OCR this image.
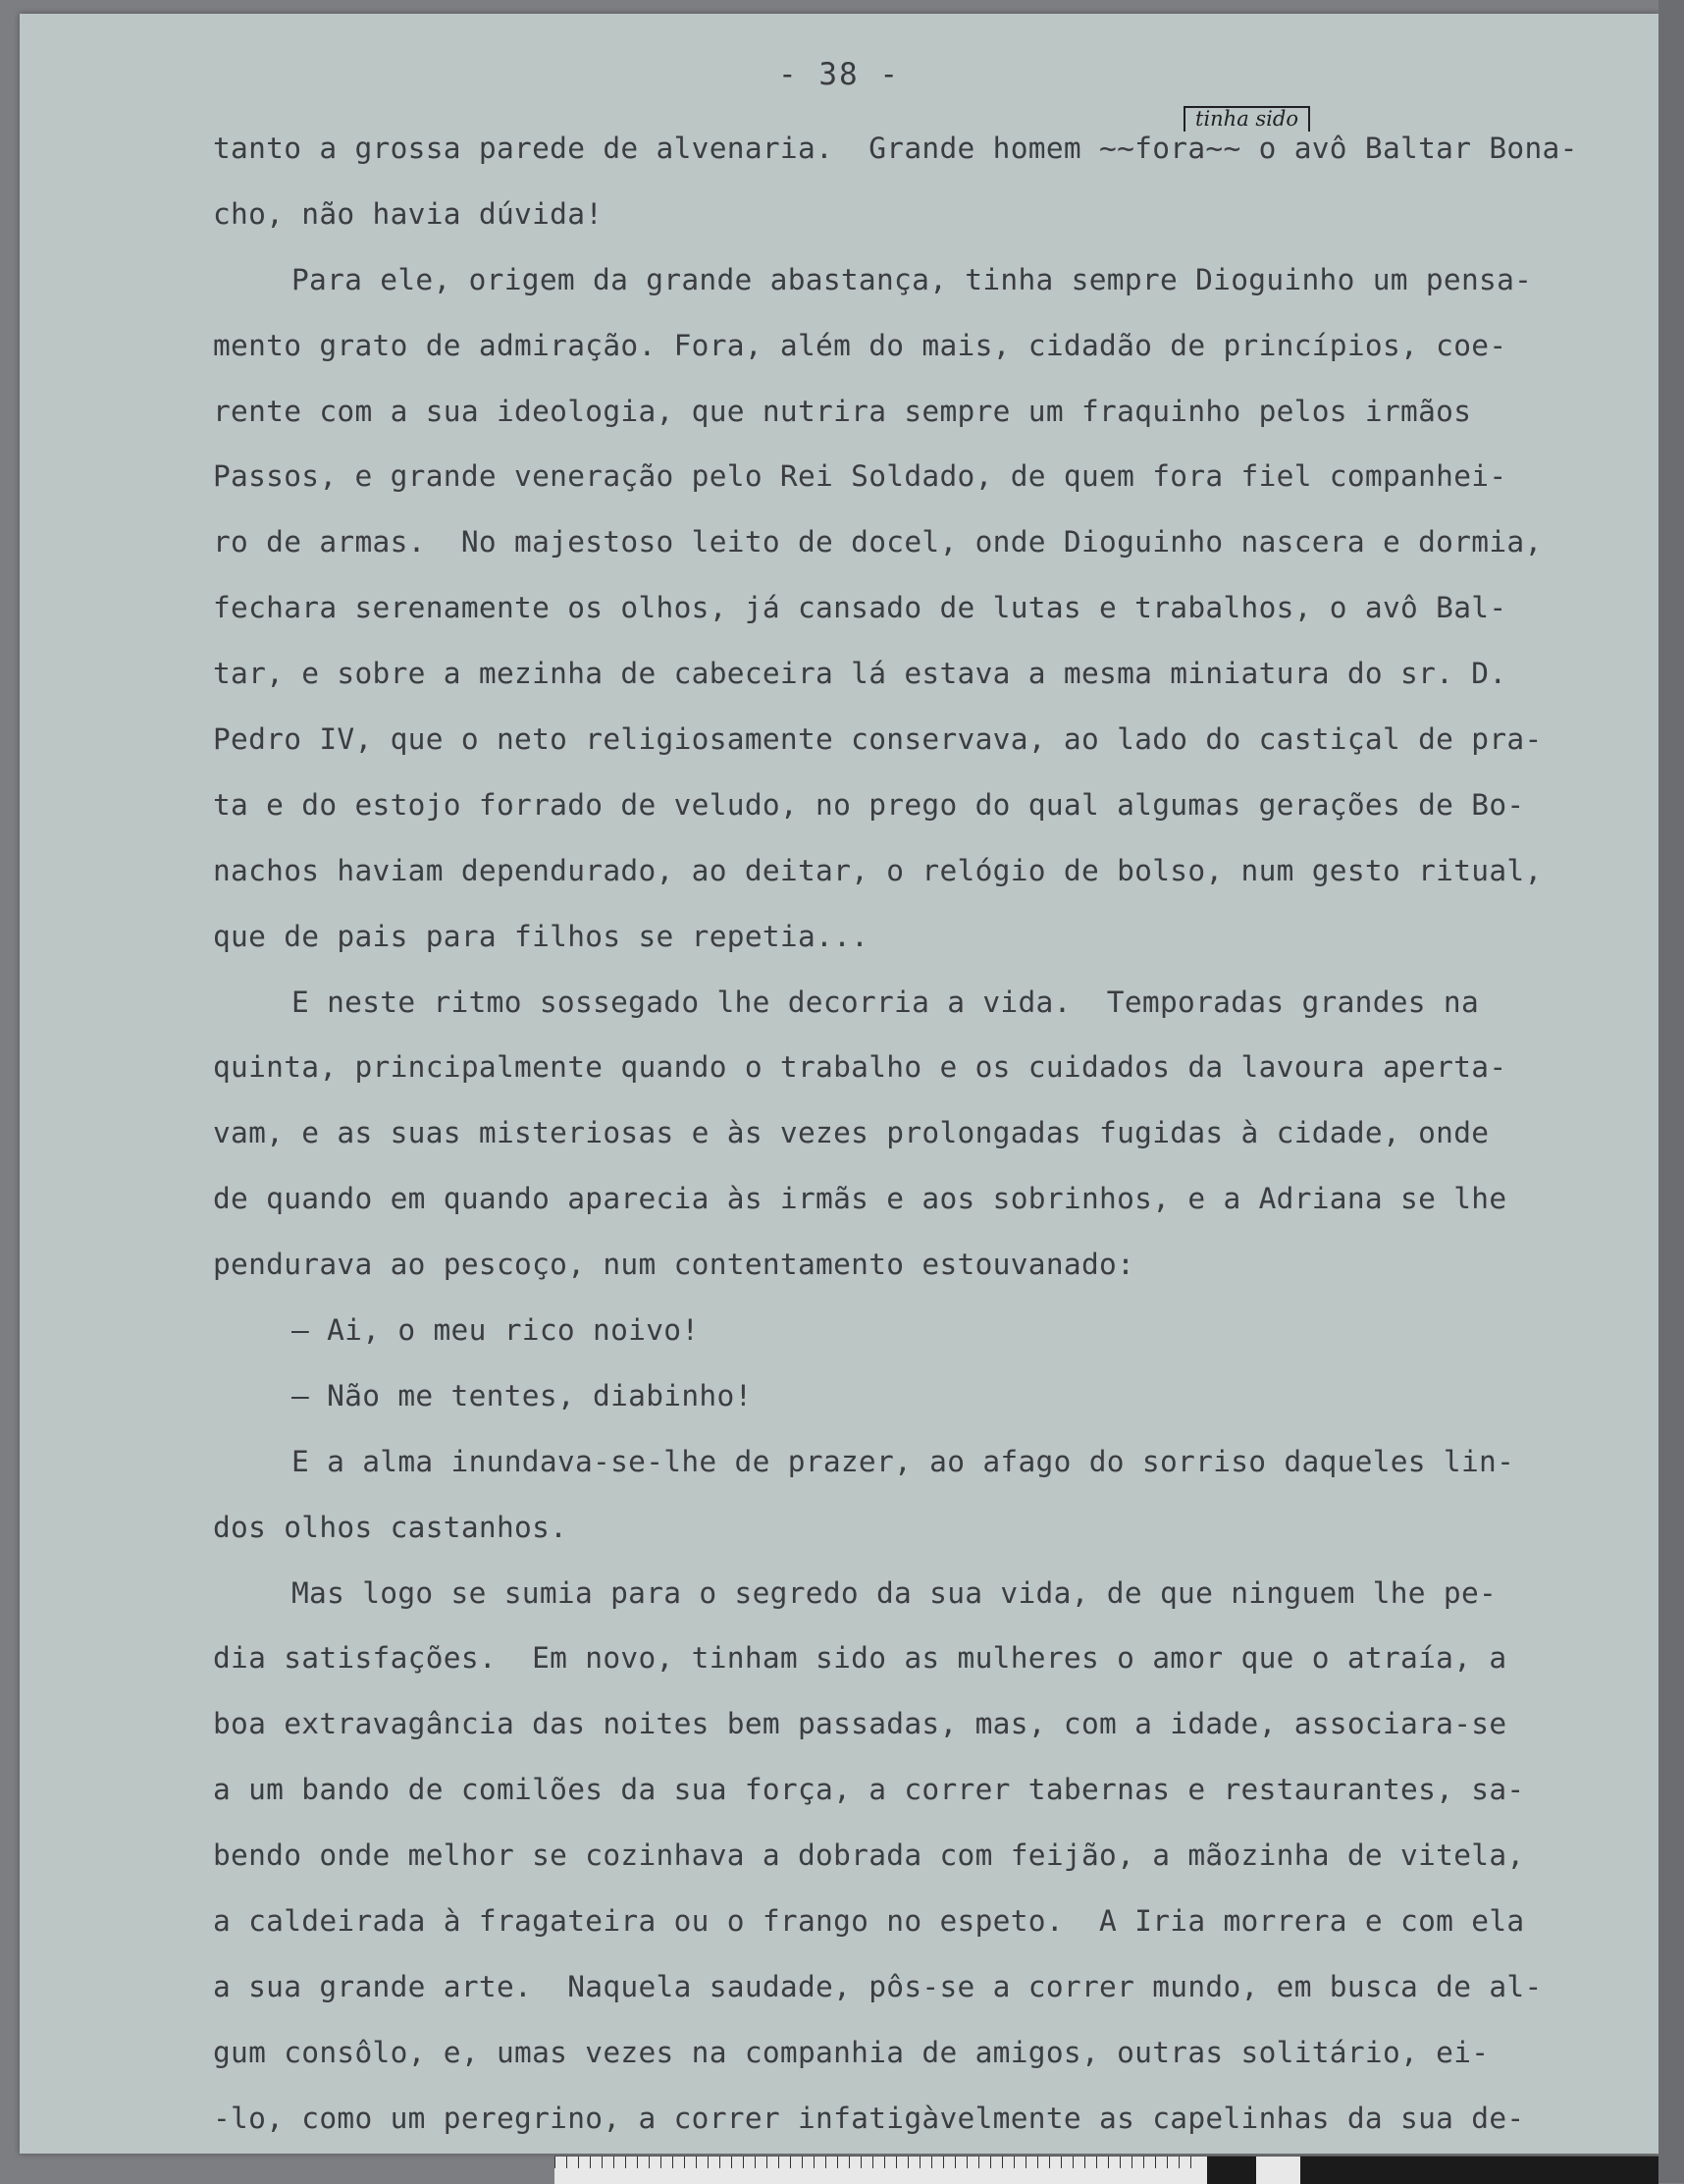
- 38 -
tinha sido
tanto a grossa parede de alvenaria.  Grande homem ~~fora~~ o avô Baltar Bona-
cho, não havia dúvida!
Para ele, origem da grande abastança, tinha sempre Dioguinho um pensa-
mento grato de admiração. Fora, além do mais, cidadão de princípios, coe-
rente com a sua ideologia, que nutrira sempre um fraquinho pelos irmãos
Passos, e grande veneração pelo Rei Soldado, de quem fora fiel companhei-
ro de armas.  No majestoso leito de docel, onde Dioguinho nascera e dormia,
fechara serenamente os olhos, já cansado de lutas e trabalhos, o avô Bal-
tar, e sobre a mezinha de cabeceira lá estava a mesma miniatura do sr. D.
Pedro IV, que o neto religiosamente conservava, ao lado do castiçal de pra-
ta e do estojo forrado de veludo, no prego do qual algumas gerações de Bo-
nachos haviam dependurado, ao deitar, o relógio de bolso, num gesto ritual,
que de pais para filhos se repetia...
E neste ritmo sossegado lhe decorria a vida.  Temporadas grandes na
quinta, principalmente quando o trabalho e os cuidados da lavoura aperta-
vam, e as suas misteriosas e às vezes prolongadas fugidas à cidade, onde
de quando em quando aparecia às irmãs e aos sobrinhos, e a Adriana se lhe
pendurava ao pescoço, num contentamento estouvanado:
— Ai, o meu rico noivo!
— Não me tentes, diabinho!
E a alma inundava-se-lhe de prazer, ao afago do sorriso daqueles lin-
dos olhos castanhos.
Mas logo se sumia para o segredo da sua vida, de que ninguem lhe pe-
dia satisfações.  Em novo, tinham sido as mulheres o amor que o atraía, a
boa extravagância das noites bem passadas, mas, com a idade, associara-se
a um bando de comilões da sua força, a correr tabernas e restaurantes, sa-
bendo onde melhor se cozinhava a dobrada com feijão, a mãozinha de vitela,
a caldeirada à fragateira ou o frango no espeto.  A Iria morrera e com ela
a sua grande arte.  Naquela saudade, pôs-se a correr mundo, em busca de al-
gum consôlo, e, umas vezes na companhia de amigos, outras solitário, ei-
-lo, como um peregrino, a correr infatigàvelmente as capelinhas da sua de-
